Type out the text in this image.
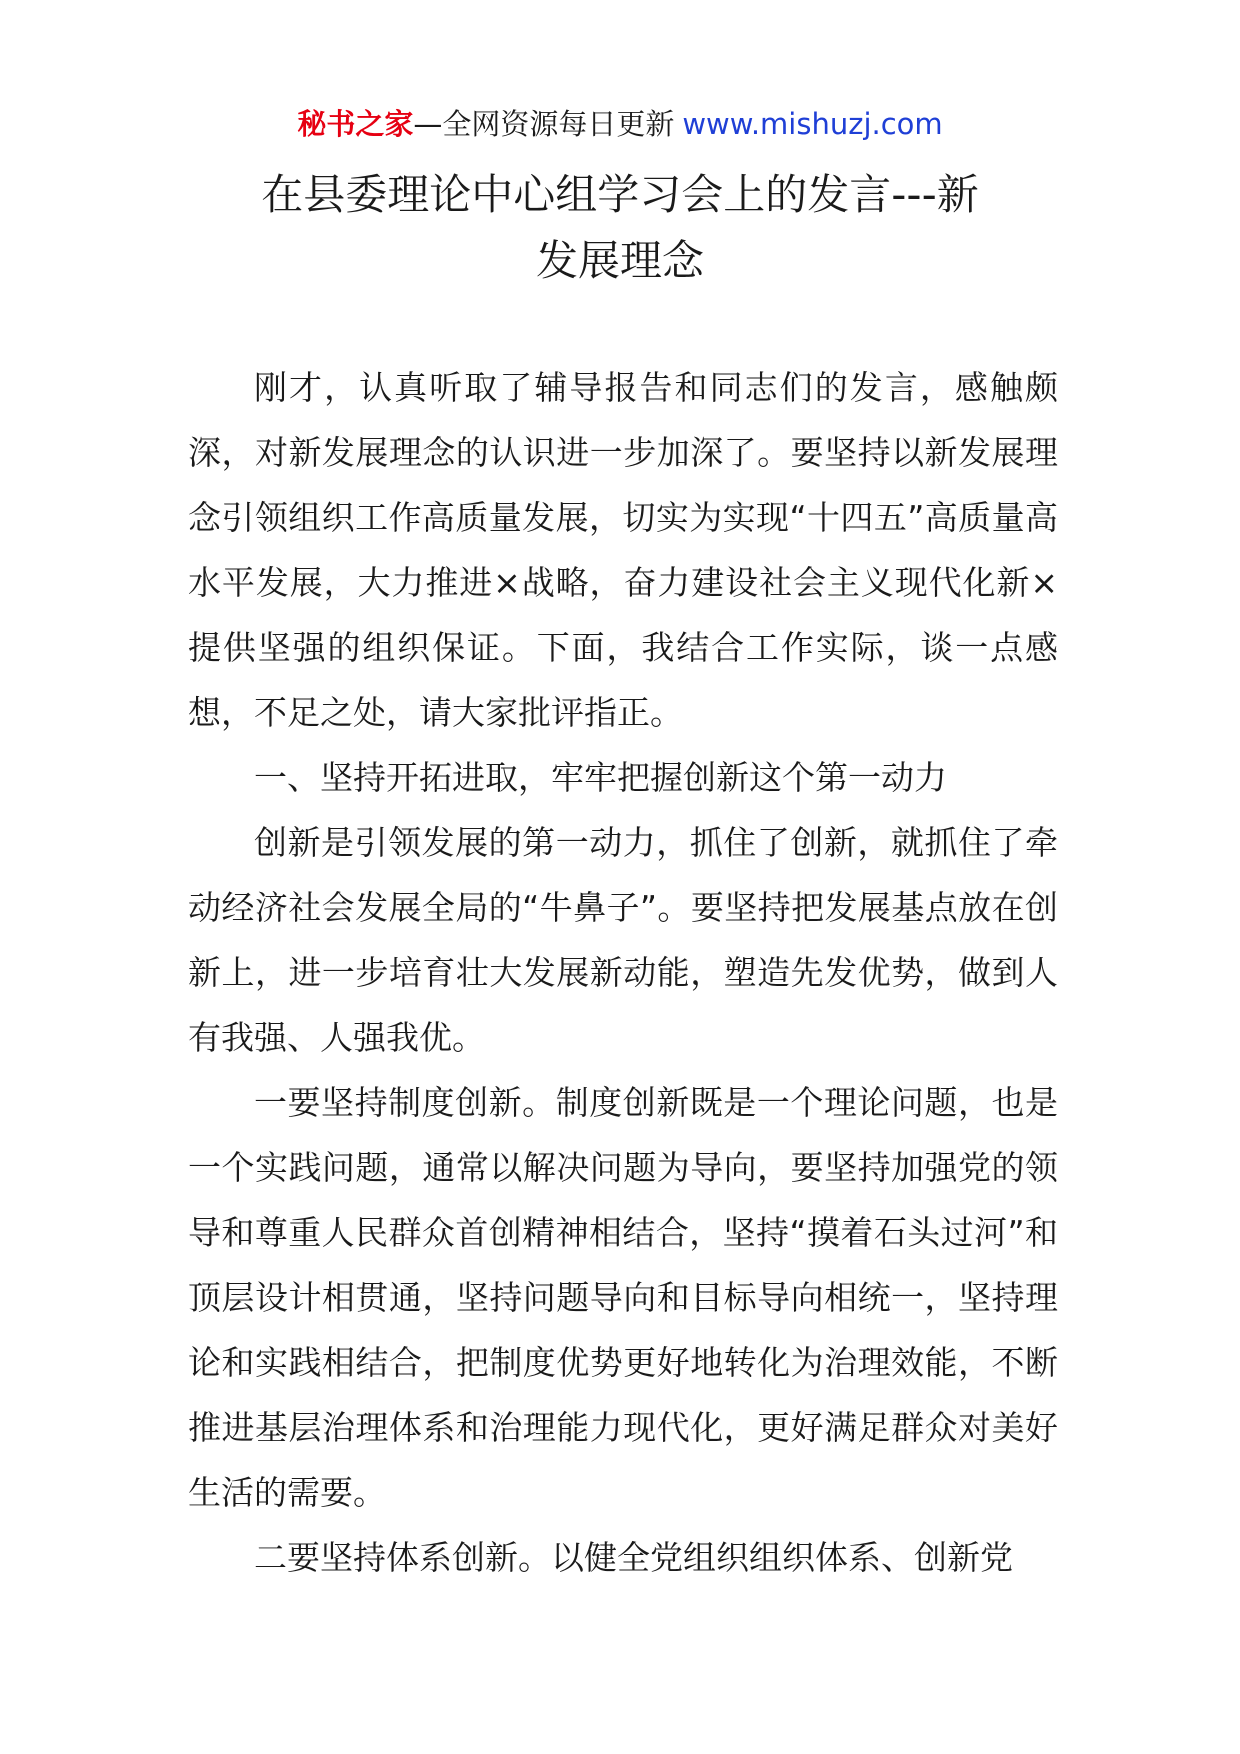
秘书之家—全网资源每日更新 www.mishuzj.com
在县委理论中心组学习会上的发言---新
发展理念

刚才，认真听取了辅导报告和同志们的发言，感触颇深，对新发展理念的认识进一步加深了。要坚持以新发展理念引领组织工作高质量发展，切实为实现“十四五”高质量高水平发展，大力推进×战略，奋力建设社会主义现代化新×提供坚强的组织保证。下面，我结合工作实际，谈一点感想，不足之处，请大家批评指正。

一、坚持开拓进取，牢牢把握创新这个第一动力

创新是引领发展的第一动力，抓住了创新，就抓住了牵动经济社会发展全局的“牛鼻子”。要坚持把发展基点放在创新上，进一步培育壮大发展新动能，塑造先发优势，做到人有我强、人强我优。

一要坚持制度创新。制度创新既是一个理论问题，也是一个实践问题，通常以解决问题为导向，要坚持加强党的领导和尊重人民群众首创精神相结合，坚持“摸着石头过河”和顶层设计相贯通，坚持问题导向和目标导向相统一，坚持理论和实践相结合，把制度优势更好地转化为治理效能，不断推进基层治理体系和治理能力现代化，更好满足群众对美好生活的需要。

二要坚持体系创新。以健全党组织组织体系、创新党
